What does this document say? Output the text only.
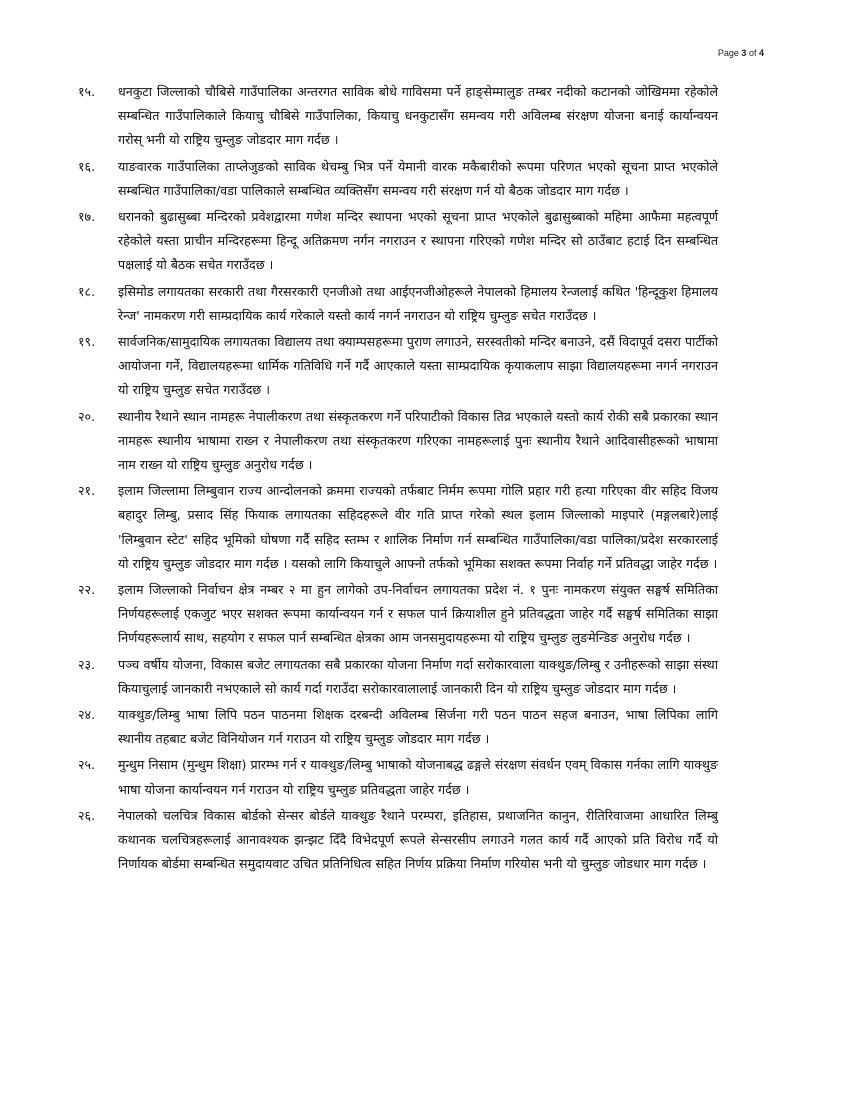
Page 3 of 4
१५.	धनकुटा जिल्लाको चौबिसे गाउँपालिका अन्तरगत साविक बोधे गाविसमा पर्ने हाङ्सेम्मालुङ तम्बर नदीको कटानको जोखिममा रहेकोले सम्बन्धित गाउँपालिकाले कियाचु चौबिसे गाउँपालिका, कियाचु धनकुटासँग समन्वय गरी अविलम्ब संरक्षण योजना बनाई कार्यान्वयन गरोस् भनी यो राष्ट्रिय चुम्लुङ जोडदार माग गर्दछ ।
१६.	याङवारक गाउँपालिका ताप्लेजुङको साविक थेचम्बु भित्र पर्ने येमानी वारक मकैबारीको रूपमा परिणत भएको सूचना प्राप्त भएकोले सम्बन्धित गाउँपालिका/वडा पालिकाले सम्बन्धित व्यक्तिसँग समन्वय गरी संरक्षण गर्न यो बैठक जोडदार माग गर्दछ ।
१७.	धरानको बुढासुब्बा मन्दिरको प्रवेशद्वारमा गणेश मन्दिर स्थापना भएको सूचना प्राप्त भएकोले बुढासुब्बाको महिमा आफैमा महत्वपूर्ण रहेकोले यस्ता प्राचीन मन्दिरहरूमा हिन्दू अतिक्रमण नर्गन नगराउन र स्थापना गरिएको गणेश मन्दिर सो ठाउँबाट हटाई दिन सम्बन्धित पक्षलाई यो बैठक सचेत गराउँदछ ।
१८.	इसिमोड लगायतका सरकारी तथा गैरसरकारी एनजीओ तथा आईएनजीओहरूले नेपालको हिमालय रेन्जलाई कथित 'हिन्दूकुश हिमालय रेन्ज' नामकरण गरी साम्प्रदायिक कार्य गरेकाले यस्तो कार्य नगर्न नगराउन यो राष्ट्रिय चुम्लुङ सचेत गराउँदछ ।
१९.	सार्वजनिक/सामुदायिक लगायतका विद्यालय तथा क्याम्पसहरूमा पुराण लगाउने, सरस्वतीको मन्दिर बनाउने, दसैं विदापूर्व दसरा पार्टीको आयोजना गर्ने, विद्यालयहरूमा धार्मिक गतिविधि गर्ने गर्दै आएकाले यस्ता साम्प्रदायिक कृयाकलाप साझा विद्यालयहरूमा नगर्न नगराउन यो राष्ट्रिय चुम्लुङ सचेत गराउँदछ ।
२०.	स्थानीय रैथाने स्थान नामहरू नेपालीकरण तथा संस्कृतकरण गर्ने परिपाटीको विकास तिव्र भएकाले यस्तो कार्य रोकी सबै प्रकारका स्थान नामहरू स्थानीय भाषामा राख्न र नेपालीकरण तथा संस्कृतकरण गरिएका नामहरूलाई पुनः स्थानीय रैथाने आदिवासीहरूको भाषामा नाम राख्न यो राष्ट्रिय चुम्लुङ अनुरोध गर्दछ ।
२१.	इलाम जिल्लामा लिम्बुवान राज्य आन्दोलनको क्रममा राज्यको तर्फबाट निर्मम रूपमा गोलि प्रहार गरी हत्या गरिएका वीर सहिद विजय बहादुर लिम्बु, प्रसाद सिंह फियाक लगायतका सहिदहरूले वीर गति प्राप्त गरेको स्थल इलाम जिल्लाको माइपारे (मङ्गलबारे)लाई 'लिम्बुवान स्टेट' सहिद भूमिको घोषणा गर्दै सहिद स्तम्भ र शालिक निर्माण गर्न सम्बन्धित गाउँपालिका/वडा पालिका/प्रदेश सरकारलाई यो राष्ट्रिय चुम्लुङ जोडदार माग गर्दछ । यसको लागि कियाचुले आफ्नो तर्फको भूमिका सशक्त रूपमा निर्वाह गर्ने प्रतिवद्धा जाहेर गर्दछ ।
२२.	इलाम जिल्लाको निर्वाचन क्षेत्र नम्बर २ मा हुन लागेको उप-निर्वाचन लगायतका प्रदेश नं. १ पुनः नामकरण संयुक्त सङ्घर्ष समितिका निर्णयहरूलाई एकजुट भएर सशक्त रूपमा कार्यान्वयन गर्न र सफल पार्न क्रियाशील हुने प्रतिवद्धता जाहेर गर्दै सङ्घर्ष समितिका साझा निर्णयहरूलार्य साथ, सहयोग र सफल पार्न सम्बन्धित क्षेत्रका आम जनसमुदायहरूमा यो राष्ट्रिय चुम्लुङ लुङमेन्डिङ अनुरोध गर्दछ ।
२३.	पञ्च वर्षीय योजना, विकास बजेट लगायतका सबै प्रकारका योजना निर्माण गर्दा सरोकारवाला याक्थुङ/लिम्बु र उनीहरूको साझा संस्था कियाचुलाई जानकारी नभएकाले सो कार्य गर्दा गराउँदा सरोकारवालालाई जानकारी दिन यो राष्ट्रिय चुम्लुङ जोडदार माग गर्दछ ।
२४.	याक्थुङ/लिम्बु भाषा लिपि पठन पाठनमा शिक्षक दरबन्दी अविलम्ब सिर्जना गरी पठन पाठन सहज बनाउन, भाषा लिपिका लागि स्थानीय तहबाट बजेट विनियोजन गर्न गराउन यो राष्ट्रिय चुम्लुङ जोडदार माग गर्दछ ।
२५.	मुन्धुम निसाम (मुन्धुम शिक्षा) प्रारम्भ गर्न र याक्थुङ/लिम्बु भाषाको योजनाबद्ध ढङ्गले संरक्षण संवर्धन एवम् विकास गर्नका लागि याक्थुङ भाषा योजना कार्यान्वयन गर्न गराउन यो राष्ट्रिय चुम्लुङ प्रतिवद्धता जाहेर गर्दछ ।
२६.	नेपालको चलचित्र विकास बोर्डको सेन्सर बोर्डले याक्थुङ रैथाने परम्परा, इतिहास, प्रथाजनित कानुन, रीतिरिवाजमा आधारित लिम्बु कथानक चलचित्रहरूलाई आनावश्यक झन्झट दिँदै विभेदपूर्ण रूपले सेन्सरसीप लगाउने गलत कार्य गर्दै आएको प्रति विरोध गर्दै यो निर्णायक बोर्डमा सम्बन्धित समुदायवाट उचित प्रतिनिधित्व सहित निर्णय प्रक्रिया निर्माण गरियोस भनी यो चुम्लुङ जोडधार माग गर्दछ ।
